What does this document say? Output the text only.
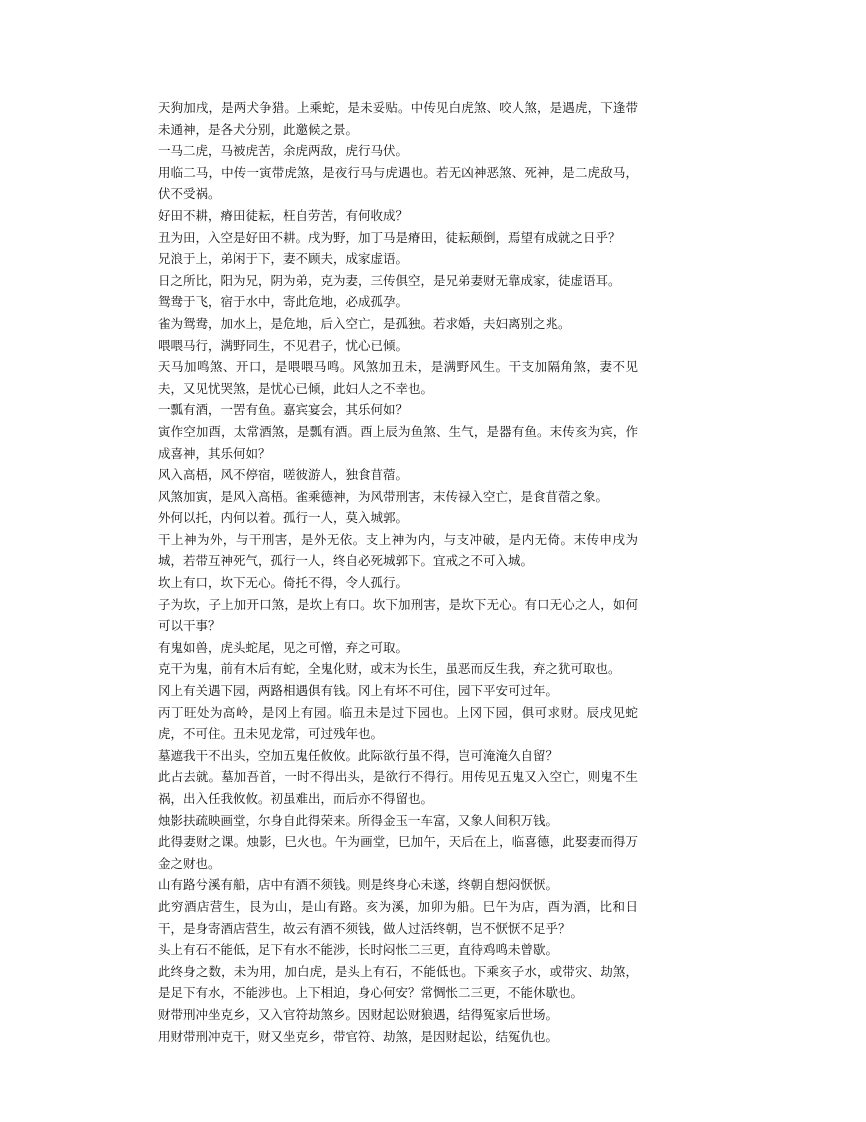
天狗加戌，是两犬争猎。上乘蛇，是未妥贴。中传见白虎煞、咬人煞，是遇虎，下逢带未通神，是各犬分别，此邀候之景。

一马二虎，马被虎苦，余虎两敌，虎行马伏。

用临二马，中传一寅带虎煞，是夜行马与虎遇也。若无凶神恶煞、死神，是二虎敌马，伏不受祸。

好田不耕，瘠田徒耘，枉自劳苦，有何收成？

丑为田，入空是好田不耕。戌为野，加丁马是瘠田，徒耘颠倒，焉望有成就之日乎？

兄浪于上，弟闲于下，妻不顾夫，成家虚语。

日之所比，阳为兄，阴为弟，克为妻，三传俱空，是兄弟妻财无靠成家，徒虚语耳。

鸳鸯于飞，宿于水中，寄此危地，必成孤孕。

雀为鸳鸯，加水上，是危地，后入空亡，是孤独。若求婚，夫妇离别之兆。

喂喂马行，满野同生，不见君子，忧心已倾。

天马加鸣煞、开口，是喂喂马鸣。风煞加丑未，是满野风生。干支加隔角煞，妻不见夫，又见忧哭煞，是忧心已倾，此妇人之不幸也。

一瓢有酒，一罟有鱼。嘉宾宴会，其乐何如？

寅作空加酉，太常酒煞，是瓢有酒。酉上辰为鱼煞、生气，是器有鱼。末传亥为宾，作成喜神，其乐何如？

风入高梧，风不停宿，嗟彼游人，独食苜蓿。

风煞加寅，是风入高梧。雀乘德神，为风带刑害，末传禄入空亡，是食苜蓿之象。

外何以托，内何以着。孤行一人，莫入城郭。

干上神为外，与干刑害，是外无依。支上神为内，与支冲破，是内无倚。末传申戌为城，若带互神死气，孤行一人，终自必死城郭下。宜戒之不可入城。

坎上有口，坎下无心。倚托不得，令人孤行。

子为坎，子上加开口煞，是坎上有口。坎下加刑害，是坎下无心。有口无心之人，如何可以干事？

有鬼如兽，虎头蛇尾，见之可憎，弃之可取。

克干为鬼，前有木后有蛇，全鬼化财，或末为长生，虽恶而反生我，弃之犹可取也。

冈上有关遇下园，两路相遇俱有钱。冈上有坏不可住，园下平安可过年。

丙丁旺处为高岭，是冈上有园。临丑未是过下园也。上冈下园，俱可求财。辰戌见蛇虎，不可住。丑未见龙常，可过残年也。

墓遮我干不出头，空加五鬼任攸攸。此际欲行虽不得，岂可淹淹久自留？

此占去就。墓加吾首，一时不得出头，是欲行不得行。用传见五鬼又入空亡，则鬼不生祸，出入任我攸攸。初虽难出，而后亦不得留也。

烛影扶疏映画堂，尔身自此得荣来。所得金玉一车富，又象人间积万钱。

此得妻财之课。烛影，巳火也。午为画堂，巳加午，天后在上，临喜德，此娶妻而得万金之财也。

山有路兮溪有船，店中有酒不须钱。则是终身心未遂，终朝自想闷恹恹。

此穷酒店营生，艮为山，是山有路。亥为溪，加卯为船。巳午为店，酉为酒，比和日干，是身寄酒店营生，故云有酒不须钱，做人过活终朝，岂不恹恹不足乎？

头上有石不能低，足下有水不能涉，长时闷怅二三更，直待鸡鸣未曾歇。

此终身之数，未为用，加白虎，是头上有石，不能低也。下乘亥子水，或带灾、劫煞，是足下有水，不能涉也。上下相迫，身心何安？常惆怅二三更，不能休歇也。

财带刑冲坐克乡，又入官符劫煞乡。因财起讼财狼遇，结得冤家后世场。

用财带刑冲克干，财又坐克乡，带官符、劫煞，是因财起讼，结冤仇也。
